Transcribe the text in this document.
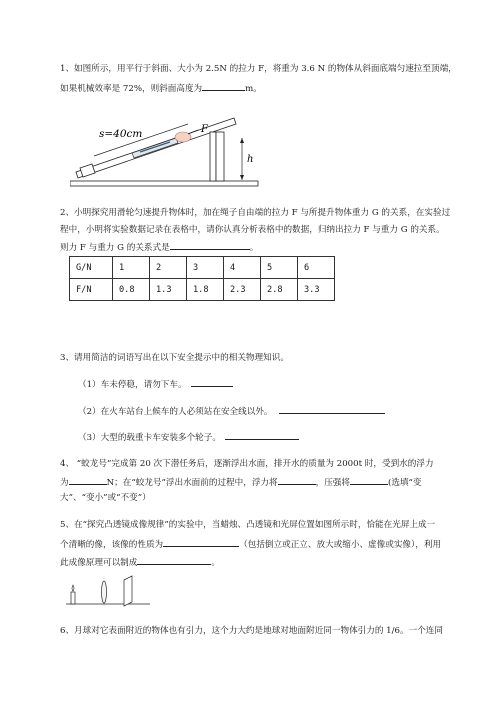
1、如图所示，用平行于斜面、大小为 2.5N 的拉力 F，将重为 3.6 N 的物体从斜面底端匀速拉至顶端，
如果机械效率是 72%，则斜面高度为	m。
s=40cm	F
h
2、小明探究用滑轮匀速提升物体时，加在绳子自由端的拉力 F 与所提升物体重力 G 的关系，在实验过
程中，小明将实验数据记录在表格中，请你认真分析表格中的数据，归纳出拉力 F 与重力 G 的关系。
则力 F 与重力 G 的关系式是	。
G/N	1	2	3	4	5	6
F/N	0.8	1.3	1.8	2.3	2.8	3.3
3、请用简洁的词语写出在以下安全提示中的相关物理知识。
（1）车未停稳，请勿下车。
（2）在火车站台上候车的人必须站在安全线以外。
（3）大型的载重卡车安装多个轮子。
4、 “蛟龙号”完成第 20 次下潜任务后，逐渐浮出水面，排开水的质量为 2000t 时，受到水的浮力
为	N；在“蛟龙号”浮出水面前的过程中，浮力将	，压强将	(选填“变
大”、“变小”或“不变”）
5、在“探究凸透镜成像规律”的实验中，当蜡烛、凸透镜和光屏位置如图所示时，恰能在光屏上成一
个清晰的像，该像的性质为	（包括倒立或正立、放大或缩小、虚像或实像），利用
此成像原理可以制成	。
6、月球对它表面附近的物体也有引力，这个力大约是地球对地面附近同一物体引力的 1/6。一个连同
